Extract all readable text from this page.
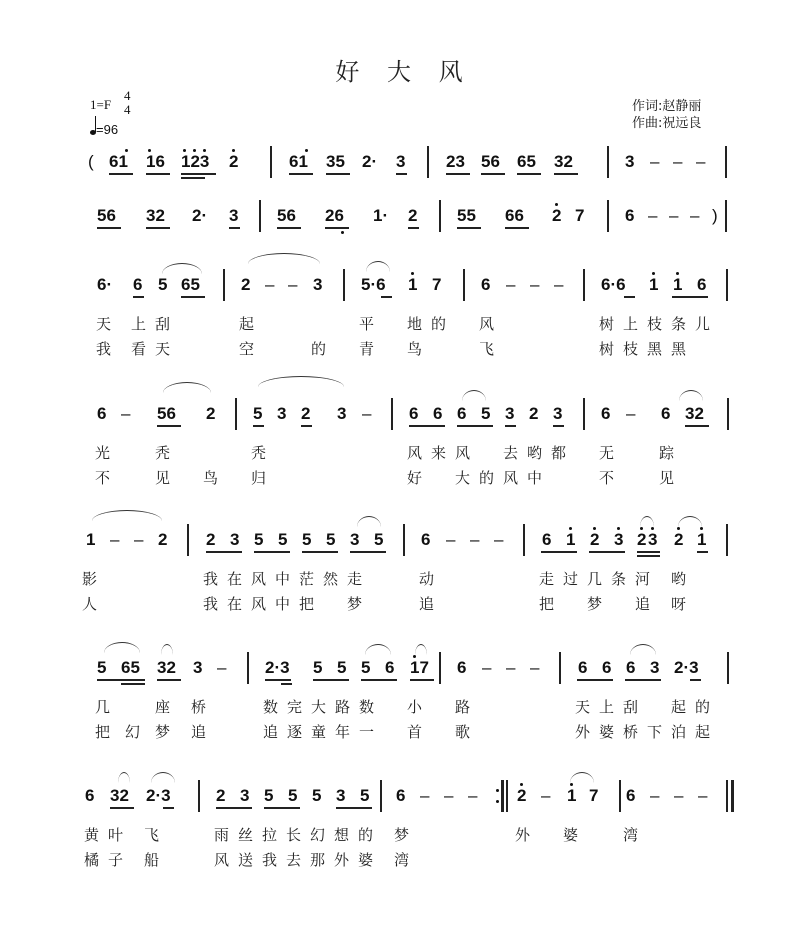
好 大 风
1=F
4
4
=96
作词:赵静丽
作曲:祝远良
( 61 16 123 2	61 35 2· 3 23 56 65 32	3 – – –
56 32 2· 3 56 26 1· 2 55 66 2 7 6 – – – )
6· 6 5 65 2 – – 3 5·6 1 7 6 – – – 6·6 1 1 6
天 上 刮	起	平 地 的 风	树 上 枝 条 儿
我 看 天	空	的 青 鸟	飞	树 枝 黑 黑
6 – 56 2 5 3 2 3 – 6 6 6 5 3 2 3 6 – 6 32
光	秃	秃	风 来 风 去 哟 都 无	踪
不	见 鸟 归	好 大 的 风 中	不	见
1 – – 2 2 3 5 5 5 5 3 5 6 – – – 6 1 2 3 2 3 2 1
影	我 在 风 中 茫 然 走	动	走 过 几 条 河 哟
人	我 在 风 中 把 梦	追	把 梦 追 呀
5 65 32 3 – 2·3 5 5 5 6 17 6 – – – 6 6 6 3 2·3
几	座 桥	数 完 大 路 数 小 路	天 上 刮 起 的
把 幻 梦 追	追 逐 童 年 一 首 歌	外 婆 桥 下 泊 起
6 32 2·3	2 3 5 5 5 3 5 6 – – – 2 – 1 7 6 – – –
黄 叶 飞	雨 丝 拉 长 幻 想 的 梦	外 婆	湾
橘 子 船	风 送 我 去 那 外 婆 湾
